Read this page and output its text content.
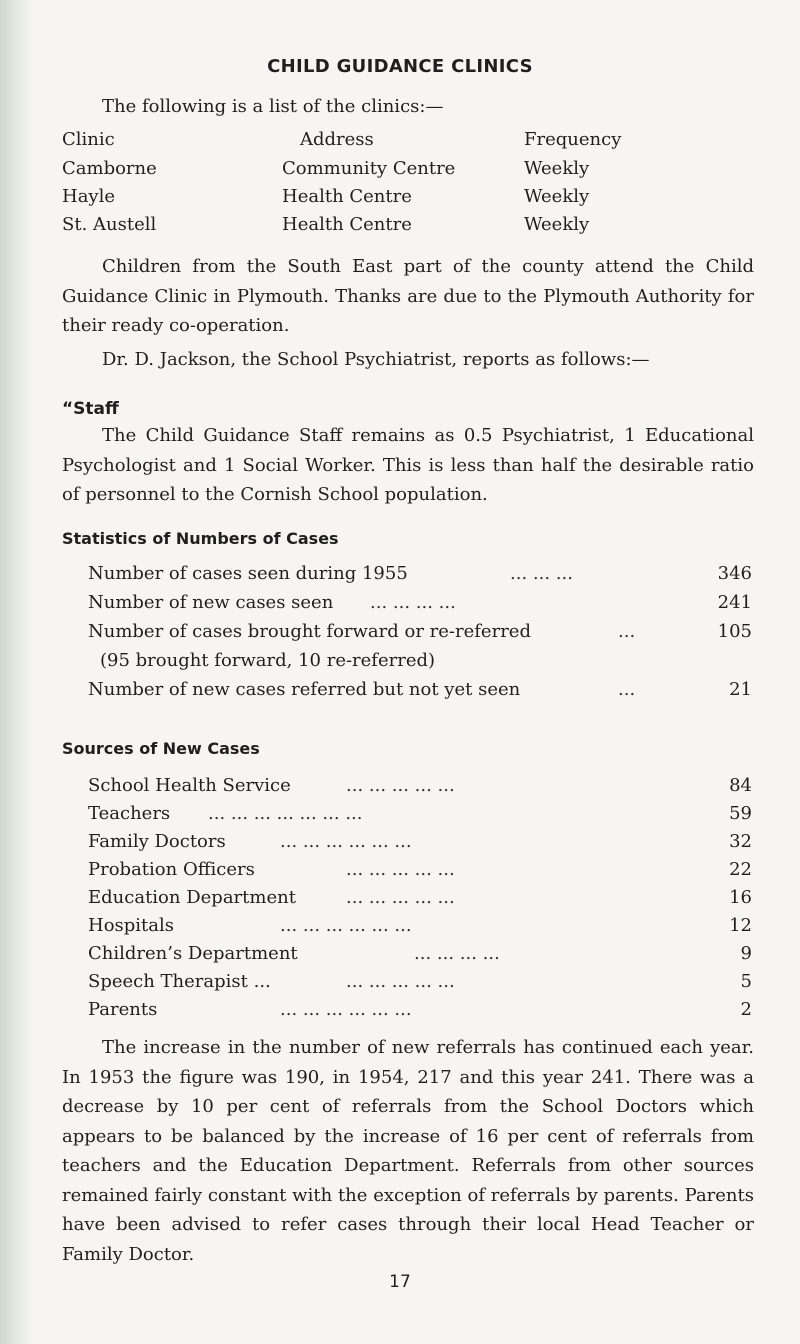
CHILD GUIDANCE CLINICS
The following is a list of the clinics:—
Clinic	Address	Frequency
Camborne	Community Centre	Weekly
Hayle	Health Centre	Weekly
St. Austell	Health Centre	Weekly
Children from the South East part of the county attend the Child Guidance Clinic in Plymouth. Thanks are due to the Plymouth Authority for their ready co-operation.
Dr. D. Jackson, the School Psychiatrist, reports as follows:—
“Staff
The Child Guidance Staff remains as 0.5 Psychiatrist, 1 Educational Psychologist and 1 Social Worker. This is less than half the desirable ratio of personnel to the Cornish School population.
Statistics of Numbers of Cases
Number of cases seen during 1955	... ... ...	346
Number of new cases seen ... ... ... ...	241
Number of cases brought forward or re-referred	...	105
(95 brought forward, 10 re-referred)
Number of new cases referred but not yet seen	...	21
Sources of New Cases
School Health Service	... ... ... ... ...	84
Teachers ... ... ... ... ... ... ...	59
Family Doctors	... ... ... ... ... ...	32
Probation Officers	... ... ... ... ...	22
Education Department	... ... ... ... ...	16
Hospitals	... ... ... ... ... ...	12
Children’s Department	... ... ... ...	9
Speech Therapist ...	... ... ... ... ...	5
Parents	... ... ... ... ... ...	2
The increase in the number of new referrals has continued each year. In 1953 the figure was 190, in 1954, 217 and this year 241. There was a decrease by 10 per cent of referrals from the School Doctors which appears to be balanced by the increase of 16 per cent of referrals from teachers and the Education Department. Referrals from other sources remained fairly constant with the exception of referrals by parents. Parents have been advised to refer cases through their local Head Teacher or Family Doctor.
17
